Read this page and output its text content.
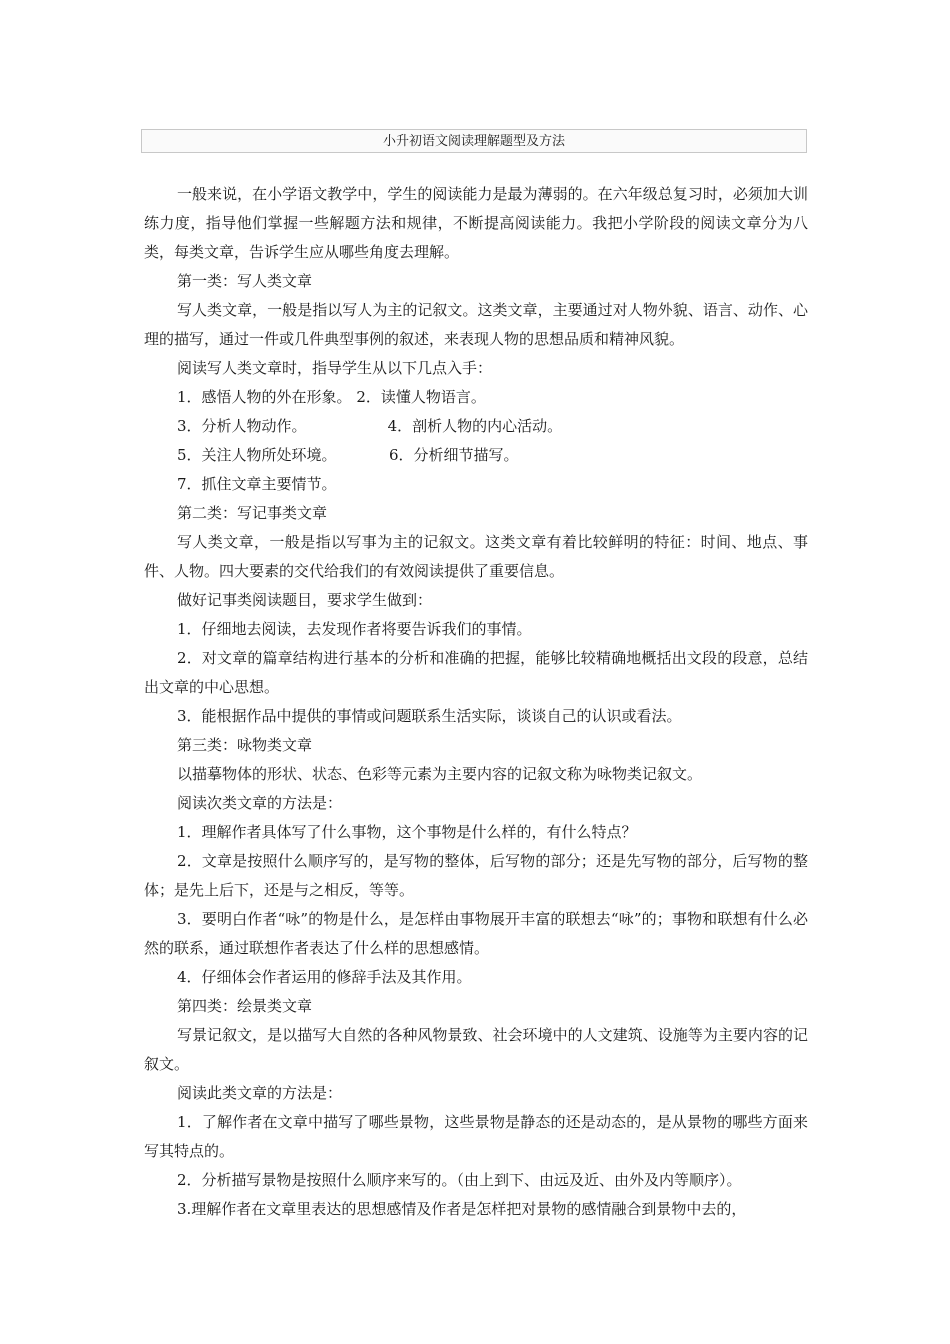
小升初语文阅读理解题型及方法

一般来说，在小学语文教学中，学生的阅读能力是最为薄弱的。在六年级总复习时，必须加大训练力度，指导他们掌握一些解题方法和规律，不断提高阅读能力。我把小学阶段的阅读文章分为八类，每类文章，告诉学生应从哪些角度去理解。

第一类：写人类文章

写人类文章，一般是指以写人为主的记叙文。这类文章，主要通过对人物外貌、语言、动作、心理的描写，通过一件或几件典型事例的叙述，来表现人物的思想品质和精神风貌。

阅读写人类文章时，指导学生从以下几点入手：

1．感悟人物的外在形象。 2．读懂人物语言。

3．分析人物动作。                 4．剖析人物的内心活动。

5．关注人物所处环境。           6．分析细节描写。

7．抓住文章主要情节。

第二类：写记事类文章

写人类文章，一般是指以写事为主的记叙文。这类文章有着比较鲜明的特征：时间、地点、事件、人物。四大要素的交代给我们的有效阅读提供了重要信息。

做好记事类阅读题目，要求学生做到：

1．仔细地去阅读，去发现作者将要告诉我们的事情。

2．对文章的篇章结构进行基本的分析和准确的把握，能够比较精确地概括出文段的段意，总结出文章的中心思想。

3．能根据作品中提供的事情或问题联系生活实际，谈谈自己的认识或看法。

第三类：咏物类文章

以描摹物体的形状、状态、色彩等元素为主要内容的记叙文称为咏物类记叙文。

阅读次类文章的方法是：

1．理解作者具体写了什么事物，这个事物是什么样的，有什么特点？

2．文章是按照什么顺序写的，是写物的整体，后写物的部分；还是先写物的部分，后写物的整体；是先上后下，还是与之相反，等等。

3．要明白作者“咏”的物是什么，是怎样由事物展开丰富的联想去“咏”的；事物和联想有什么必然的联系，通过联想作者表达了什么样的思想感情。

4．仔细体会作者运用的修辞手法及其作用。

第四类：绘景类文章

写景记叙文，是以描写大自然的各种风物景致、社会环境中的人文建筑、设施等为主要内容的记叙文。

阅读此类文章的方法是：

1．了解作者在文章中描写了哪些景物，这些景物是静态的还是动态的，是从景物的哪些方面来写其特点的。

2．分析描写景物是按照什么顺序来写的。（由上到下、由远及近、由外及内等顺序）。

3.理解作者在文章里表达的思想感情及作者是怎样把对景物的感情融合到景物中去的，
